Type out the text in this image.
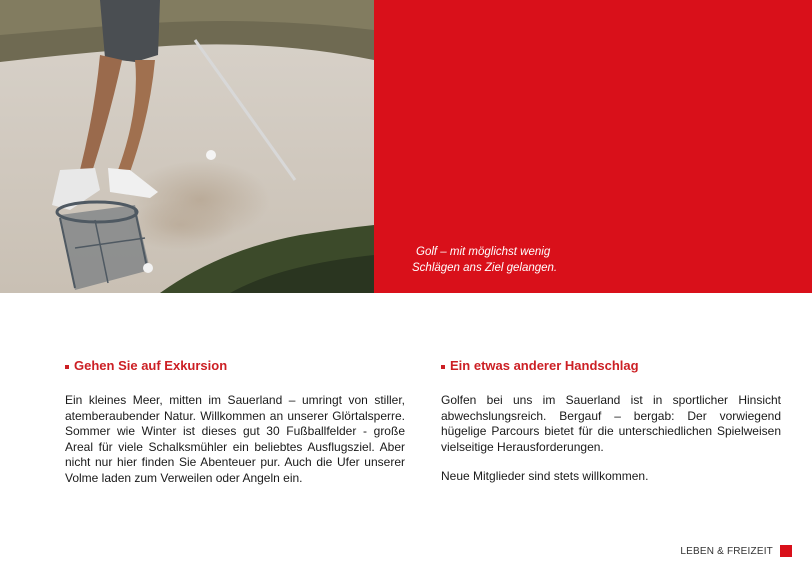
Golf – mit möglichst wenig
Schlägen ans Ziel gelangen.
Gehen Sie auf Exkursion

Ein kleines Meer, mitten im Sauerland – umringt von stiller, atemberaubender Natur. Willkommen an unserer Glörtalsperre. Sommer wie Winter ist dieses gut 30 Fußballfelder - große Areal für viele Schalksmühler ein beliebtes Ausflugsziel. Aber nicht nur hier finden Sie Abenteuer pur. Auch die Ufer unserer Volme laden zum Verweilen oder Angeln ein.

Ein etwas anderer Handschlag

Golfen bei uns im Sauerland ist in sportlicher Hinsicht abwechslungsreich. Bergauf – bergab: Der vorwiegend hügelige Parcours bietet für die unterschiedlichen Spielweisen vielseitige Herausforderungen.

Neue Mitglieder sind stets willkommen.

LEBEN & FREIZEIT
